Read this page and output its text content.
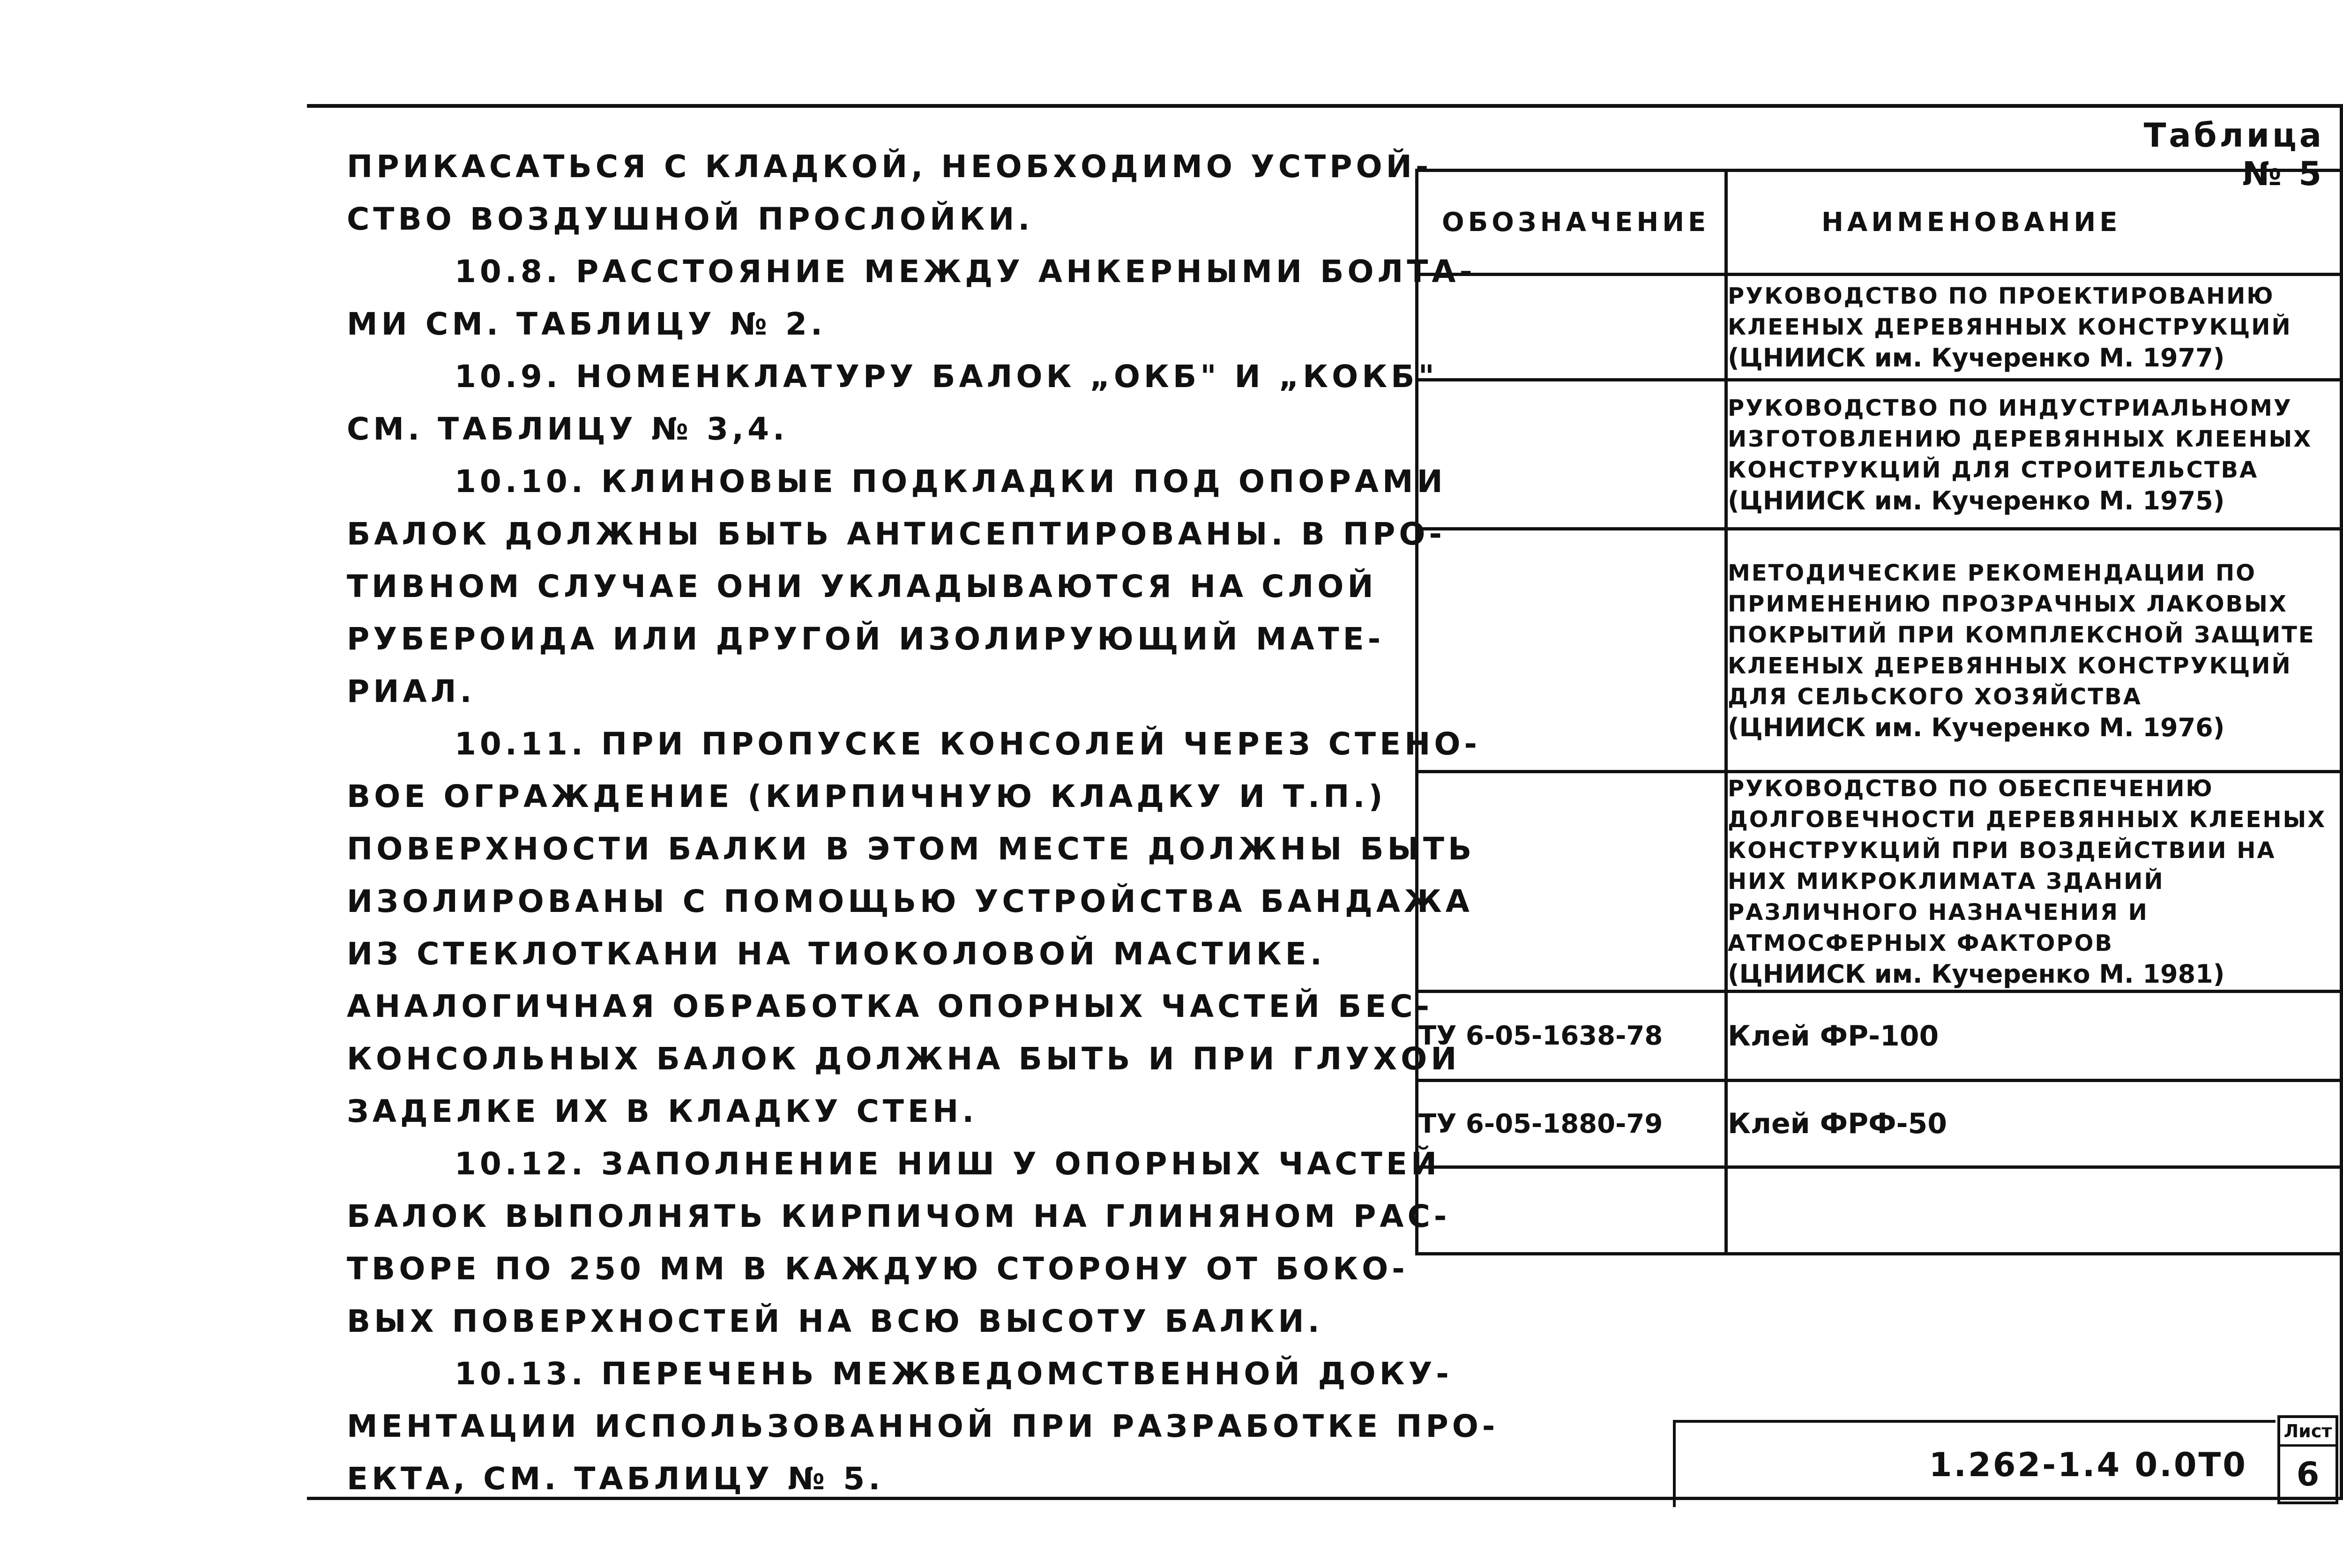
ПРИКАСАТЬСЯ С КЛАДКОЙ, НЕОБХОДИМО УСТРОЙ-
СТВО ВОЗДУШНОЙ ПРОСЛОЙКИ.
10.8. РАССТОЯНИЕ МЕЖДУ АНКЕРНЫМИ БОЛТА-
МИ СМ. ТАБЛИЦУ № 2.
10.9. НОМЕНКЛАТУРУ БАЛОК „ОКБ" И „КОКБ"
СМ. ТАБЛИЦУ № 3,4.
10.10. КЛИНОВЫЕ ПОДКЛАДКИ ПОД ОПОРАМИ
БАЛОК ДОЛЖНЫ БЫТЬ АНТИСЕПТИРОВАНЫ. В ПРО-
ТИВНОМ СЛУЧАЕ ОНИ УКЛАДЫВАЮТСЯ НА СЛОЙ
РУБЕРОИДА ИЛИ ДРУГОЙ ИЗОЛИРУЮЩИЙ МАТЕ-
РИАЛ.
10.11. ПРИ ПРОПУСКЕ КОНСОЛЕЙ ЧЕРЕЗ СТЕНО-
ВОЕ ОГРАЖДЕНИЕ (КИРПИЧНУЮ КЛАДКУ И Т.П.)
ПОВЕРХНОСТИ БАЛКИ В ЭТОМ МЕСТЕ ДОЛЖНЫ БЫТЬ
ИЗОЛИРОВАНЫ С ПОМОЩЬЮ УСТРОЙСТВА БАНДАЖА
ИЗ СТЕКЛОТКАНИ НА ТИОКОЛОВОЙ МАСТИКЕ.
АНАЛОГИЧНАЯ ОБРАБОТКА ОПОРНЫХ ЧАСТЕЙ БЕС-
КОНСОЛЬНЫХ БАЛОК ДОЛЖНА БЫТЬ И ПРИ ГЛУХОЙ
ЗАДЕЛКЕ ИХ В КЛАДКУ СТЕН.
10.12. ЗАПОЛНЕНИЕ НИШ У ОПОРНЫХ ЧАСТЕЙ
БАЛОК ВЫПОЛНЯТЬ КИРПИЧОМ НА ГЛИНЯНОМ РАС-
ТВОРЕ ПО 250 ММ В КАЖДУЮ СТОРОНУ ОТ БОКО-
ВЫХ ПОВЕРХНОСТЕЙ НА ВСЮ ВЫСОТУ БАЛКИ.
10.13. ПЕРЕЧЕНЬ МЕЖВЕДОМСТВЕННОЙ ДОКУ-
МЕНТАЦИИ ИСПОЛЬЗОВАННОЙ ПРИ РАЗРАБОТКЕ ПРО-
ЕКТА, СМ. ТАБЛИЦУ № 5.
Таблица № 5
ОБОЗНАЧЕНИЕ	НАИМЕНОВАНИЕ

	РУКОВОДСТВО ПО ПРОЕКТИРОВАНИЮ КЛЕЕНЫХ ДЕРЕВЯННЫХ КОНСТРУКЦИЙ
(ЦНИИСК им. Кучеренко М. 1977)

	РУКОВОДСТВО ПО ИНДУСТРИАЛЬНОМУ ИЗГОТОВЛЕНИЮ ДЕРЕВЯННЫХ КЛЕЕНЫХ КОНСТРУКЦИЙ ДЛЯ СТРОИТЕЛЬСТВА
(ЦНИИСК им. Кучеренко М. 1975)

	МЕТОДИЧЕСКИЕ РЕКОМЕНДАЦИИ ПО ПРИМЕНЕНИЮ ПРОЗРАЧНЫХ ЛАКОВЫХ ПОКРЫТИЙ ПРИ КОМПЛЕКСНОЙ ЗАЩИТЕ КЛЕЕНЫХ ДЕРЕВЯННЫХ КОНСТРУКЦИЙ ДЛЯ СЕЛЬСКОГО ХОЗЯЙСТВА
(ЦНИИСК им. Кучеренко М. 1976)

	РУКОВОДСТВО ПО ОБЕСПЕЧЕНИЮ ДОЛГОВЕЧНОСТИ ДЕРЕВЯННЫХ КЛЕЕНЫХ КОНСТРУКЦИЙ ПРИ ВОЗДЕЙСТВИИ НА НИХ МИКРОКЛИМАТА ЗДАНИЙ РАЗЛИЧНОГО НАЗНАЧЕНИЯ И АТМОСФЕРНЫХ ФАКТОРОВ
(ЦНИИСК им. Кучеренко М. 1981)

ТУ 6-05-1638-78	Клей ФР-100
ТУ 6-05-1880-79	Клей ФРФ-50

1.262-1.4 0.0Т0
Лист
6
